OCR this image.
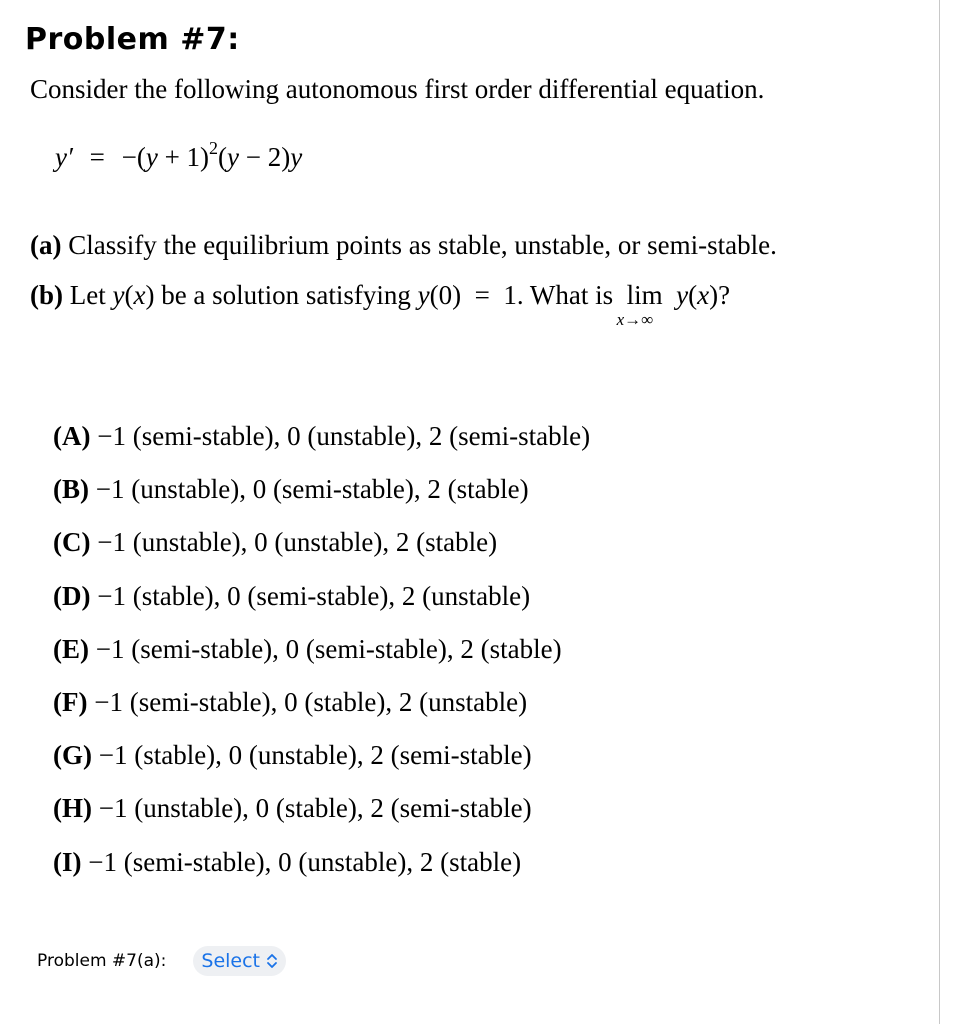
Problem #7:
Consider the following autonomous first order differential equation.
$y' = -(y + 1)^2(y - 2)y$
(a) Classify the equilibrium points as stable, unstable, or semi-stable.
(b) Let y(x) be a solution satisfying y(0)  =  1. What is  lim
x→∞
y(x)?
(A) −1 (semi-stable), 0 (unstable), 2 (semi-stable)
(B) −1 (unstable), 0 (semi-stable), 2 (stable)
(C) −1 (unstable), 0 (unstable), 2 (stable)
(D) −1 (stable), 0 (semi-stable), 2 (unstable)
(E) −1 (semi-stable), 0 (semi-stable), 2 (stable)
(F) −1 (semi-stable), 0 (stable), 2 (unstable)
(G) −1 (stable), 0 (unstable), 2 (semi-stable)
(H) −1 (unstable), 0 (stable), 2 (semi-stable)
(I) −1 (semi-stable), 0 (unstable), 2 (stable)
Problem #7(a): Select
